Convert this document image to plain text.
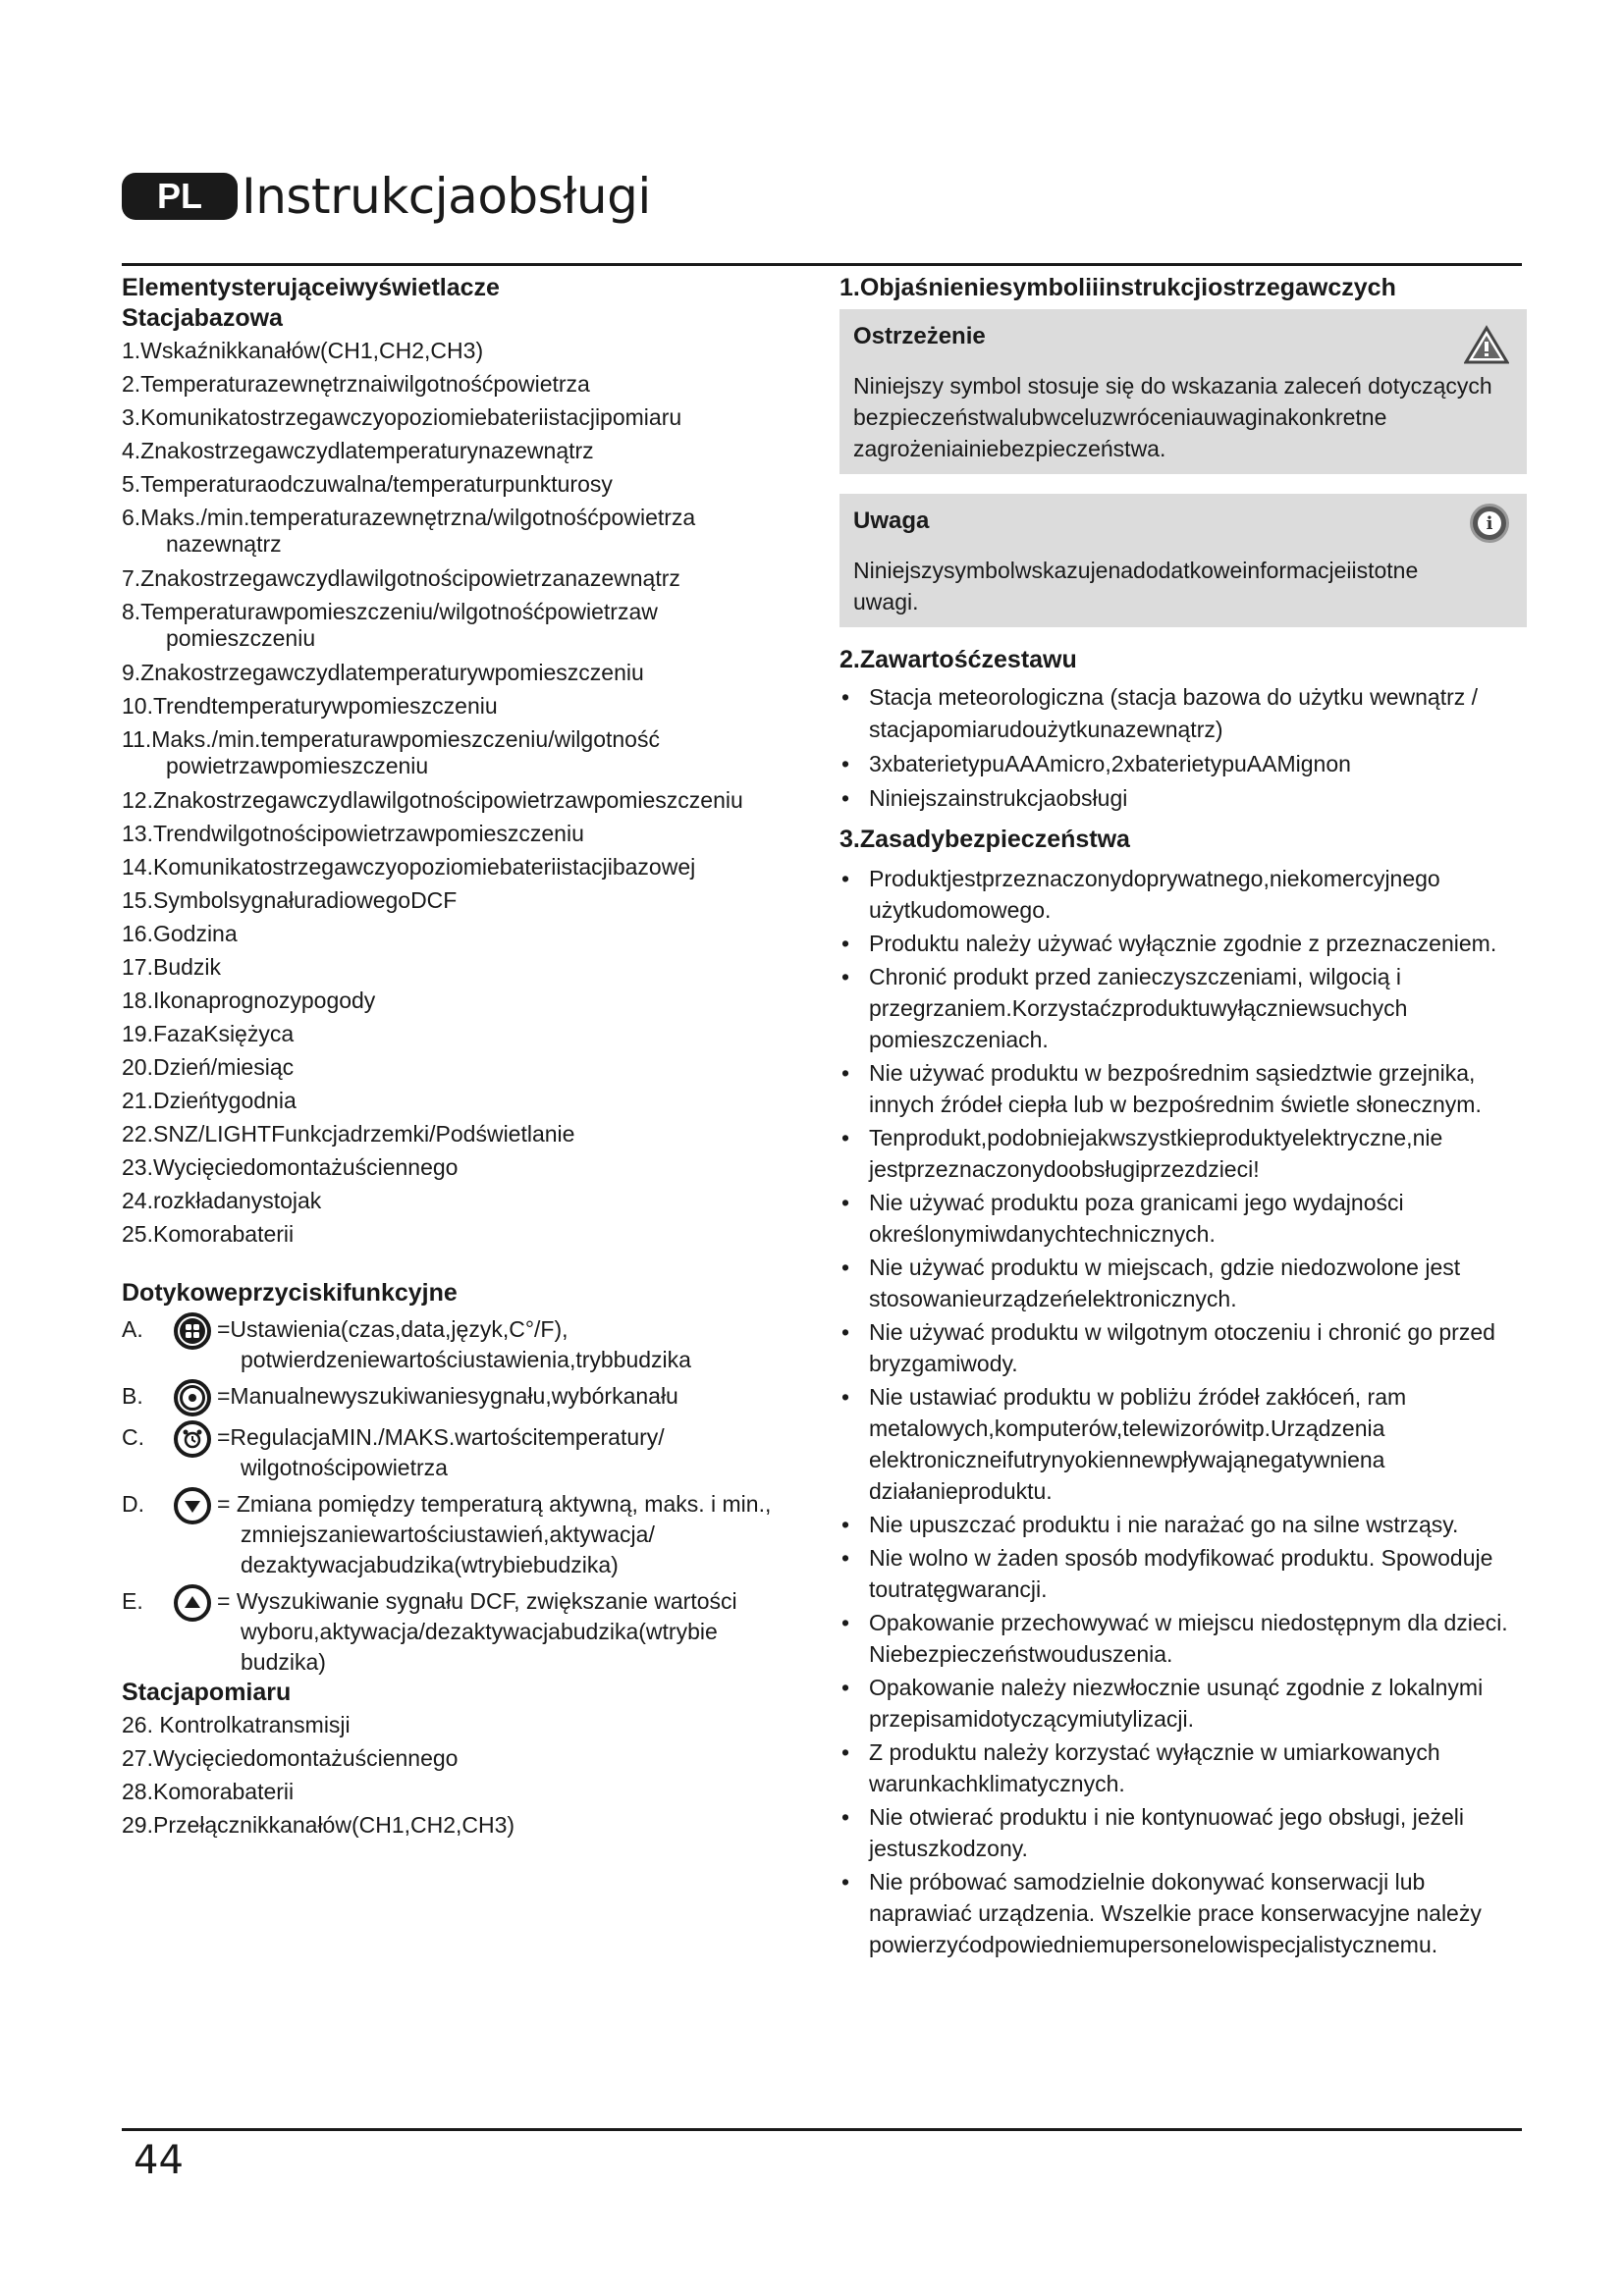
PL Instrukcjaobsługi
Elementysterująceiwyświetlacze
Stacjabazowa
1.Wskaźnikkanałów(CH1,CH2,CH3)
2.Temperaturazewnętrznaiwilgotnośćpowietrza
3.Komunikatostrzegawczyopoziomiebateriistacjipomiaru
4.Znakostrzegawczydlatemperaturynazewnątrz
5.Temperaturaodczuwalna/temperaturpunkturosy
6.Maks./min.temperaturazewnętrzna/wilgotnośćpowietrza
nazewnątrz
7.Znakostrzegawczydlawilgotnościpowietrzanazewnątrz
8.Temperaturawpomieszczeniu/wilgotnośćpowietrzaw
pomieszczeniu
9.Znakostrzegawczydlatemperaturywpomieszczeniu
10.Trendtemperaturywpomieszczeniu
11.Maks./min.temperaturawpomieszczeniu/wilgotność
powietrzawpomieszczeniu
12.Znakostrzegawczydlawilgotnościpowietrzawpomieszczeniu
13.Trendwilgotnościpowietrzawpomieszczeniu
14.Komunikatostrzegawczyopoziomiebateriistacjibazowej
15.SymbolsygnałuradiowegoDCF
16.Godzina
17.Budzik
18.Ikonaprognozypogody
19.FazaKsiężyca
20.Dzień/miesiąc
21.Dzieńtygodnia
22.SNZ/LIGHTFunkcjadrzemki/Podświetlanie
23.Wycięciedomontażuściennego
24.rozkładanystojak
25.Komorabaterii
Dotykoweprzyciskifunkcyjne
A.	=Ustawienia(czas,data,język,C°/F),
potwierdzeniewartościustawienia,trybbudzika
B.	=Manualnewyszukiwaniesygnału,wybórkanału
C.	=RegulacjaMIN./MAKS.wartościtemperatury/
wilgotnościpowietrza
D.	= Zmiana pomiędzy temperaturą aktywną, maks. i min.,
zmniejszaniewartościustawień,aktywacja/
dezaktywacjabudzika(wtrybiebudzika)
E.	= Wyszukiwanie sygnału DCF, zwiększanie wartości
wyboru,aktywacja/dezaktywacjabudzika(wtrybie
budzika)
Stacjapomiaru
26. Kontrolkatransmisji
27.Wycięciedomontażuściennego
28.Komorabaterii
29.Przełącznikkanałów(CH1,CH2,CH3)
1.Objaśnieniesymboliiinstrukcjiostrzegawczych
Ostrzeżenie
Niniejszy symbol stosuje się do wskazania zaleceń dotyczących
bezpieczeństwalubwceluzwróceniauwaginakonkretne
zagrożeniainiebezpieczeństwa.
Uwaga	i
Niniejszysymbolwskazujenadodatkoweinformacjeiistotne
uwagi.
2.Zawartośćzestawu
• Stacja meteorologiczna (stacja bazowa do użytku wewnątrz /
stacjapomiarudoużytkunazewnątrz)
• 3xbaterietypuAAAmicro,2xbaterietypuAAMignon
• Niniejszainstrukcjaobsługi
3.Zasadybezpieczeństwa
• Produktjestprzeznaczonydoprywatnego,niekomercyjnego
użytkudomowego.
• Produktu należy używać wyłącznie zgodnie z przeznaczeniem.
• Chronić produkt przed zanieczyszczeniami, wilgocią i
przegrzaniem.Korzystaćzproduktuwyłączniewsuchych
pomieszczeniach.
• Nie używać produktu w bezpośrednim sąsiedztwie grzejnika,
innych źródeł ciepła lub w bezpośrednim świetle słonecznym.
• Tenprodukt,podobniejakwszystkieproduktyelektryczne,nie
jestprzeznaczonydoobsługiprzezdzieci!
• Nie używać produktu poza granicami jego wydajności
określonymiwdanychtechnicznych.
• Nie używać produktu w miejscach, gdzie niedozwolone jest
stosowanieurządzeńelektronicznych.
• Nie używać produktu w wilgotnym otoczeniu i chronić go przed
bryzgamiwody.
• Nie ustawiać produktu w pobliżu źródeł zakłóceń, ram
metalowych,komputerów,telewizorówitp.Urządzenia
elektroniczneifutrynyokiennewpływająnegatywniena
działanieproduktu.
• Nie upuszczać produktu i nie narażać go na silne wstrząsy.
• Nie wolno w żaden sposób modyfikować produktu. Spowoduje
toutratęgwarancji.
• Opakowanie przechowywać w miejscu niedostępnym dla dzieci.
Niebezpieczeństwouduszenia.
• Opakowanie należy niezwłocznie usunąć zgodnie z lokalnymi
przepisamidotyczącymiutylizacji.
• Z produktu należy korzystać wyłącznie w umiarkowanych
warunkachklimatycznych.
• Nie otwierać produktu i nie kontynuować jego obsługi, jeżeli
jestuszkodzony.
• Nie próbować samodzielnie dokonywać konserwacji lub
naprawiać urządzenia. Wszelkie prace konserwacyjne należy
powierzyćodpowiedniemupersonelowispecjalistycznemu.
44
